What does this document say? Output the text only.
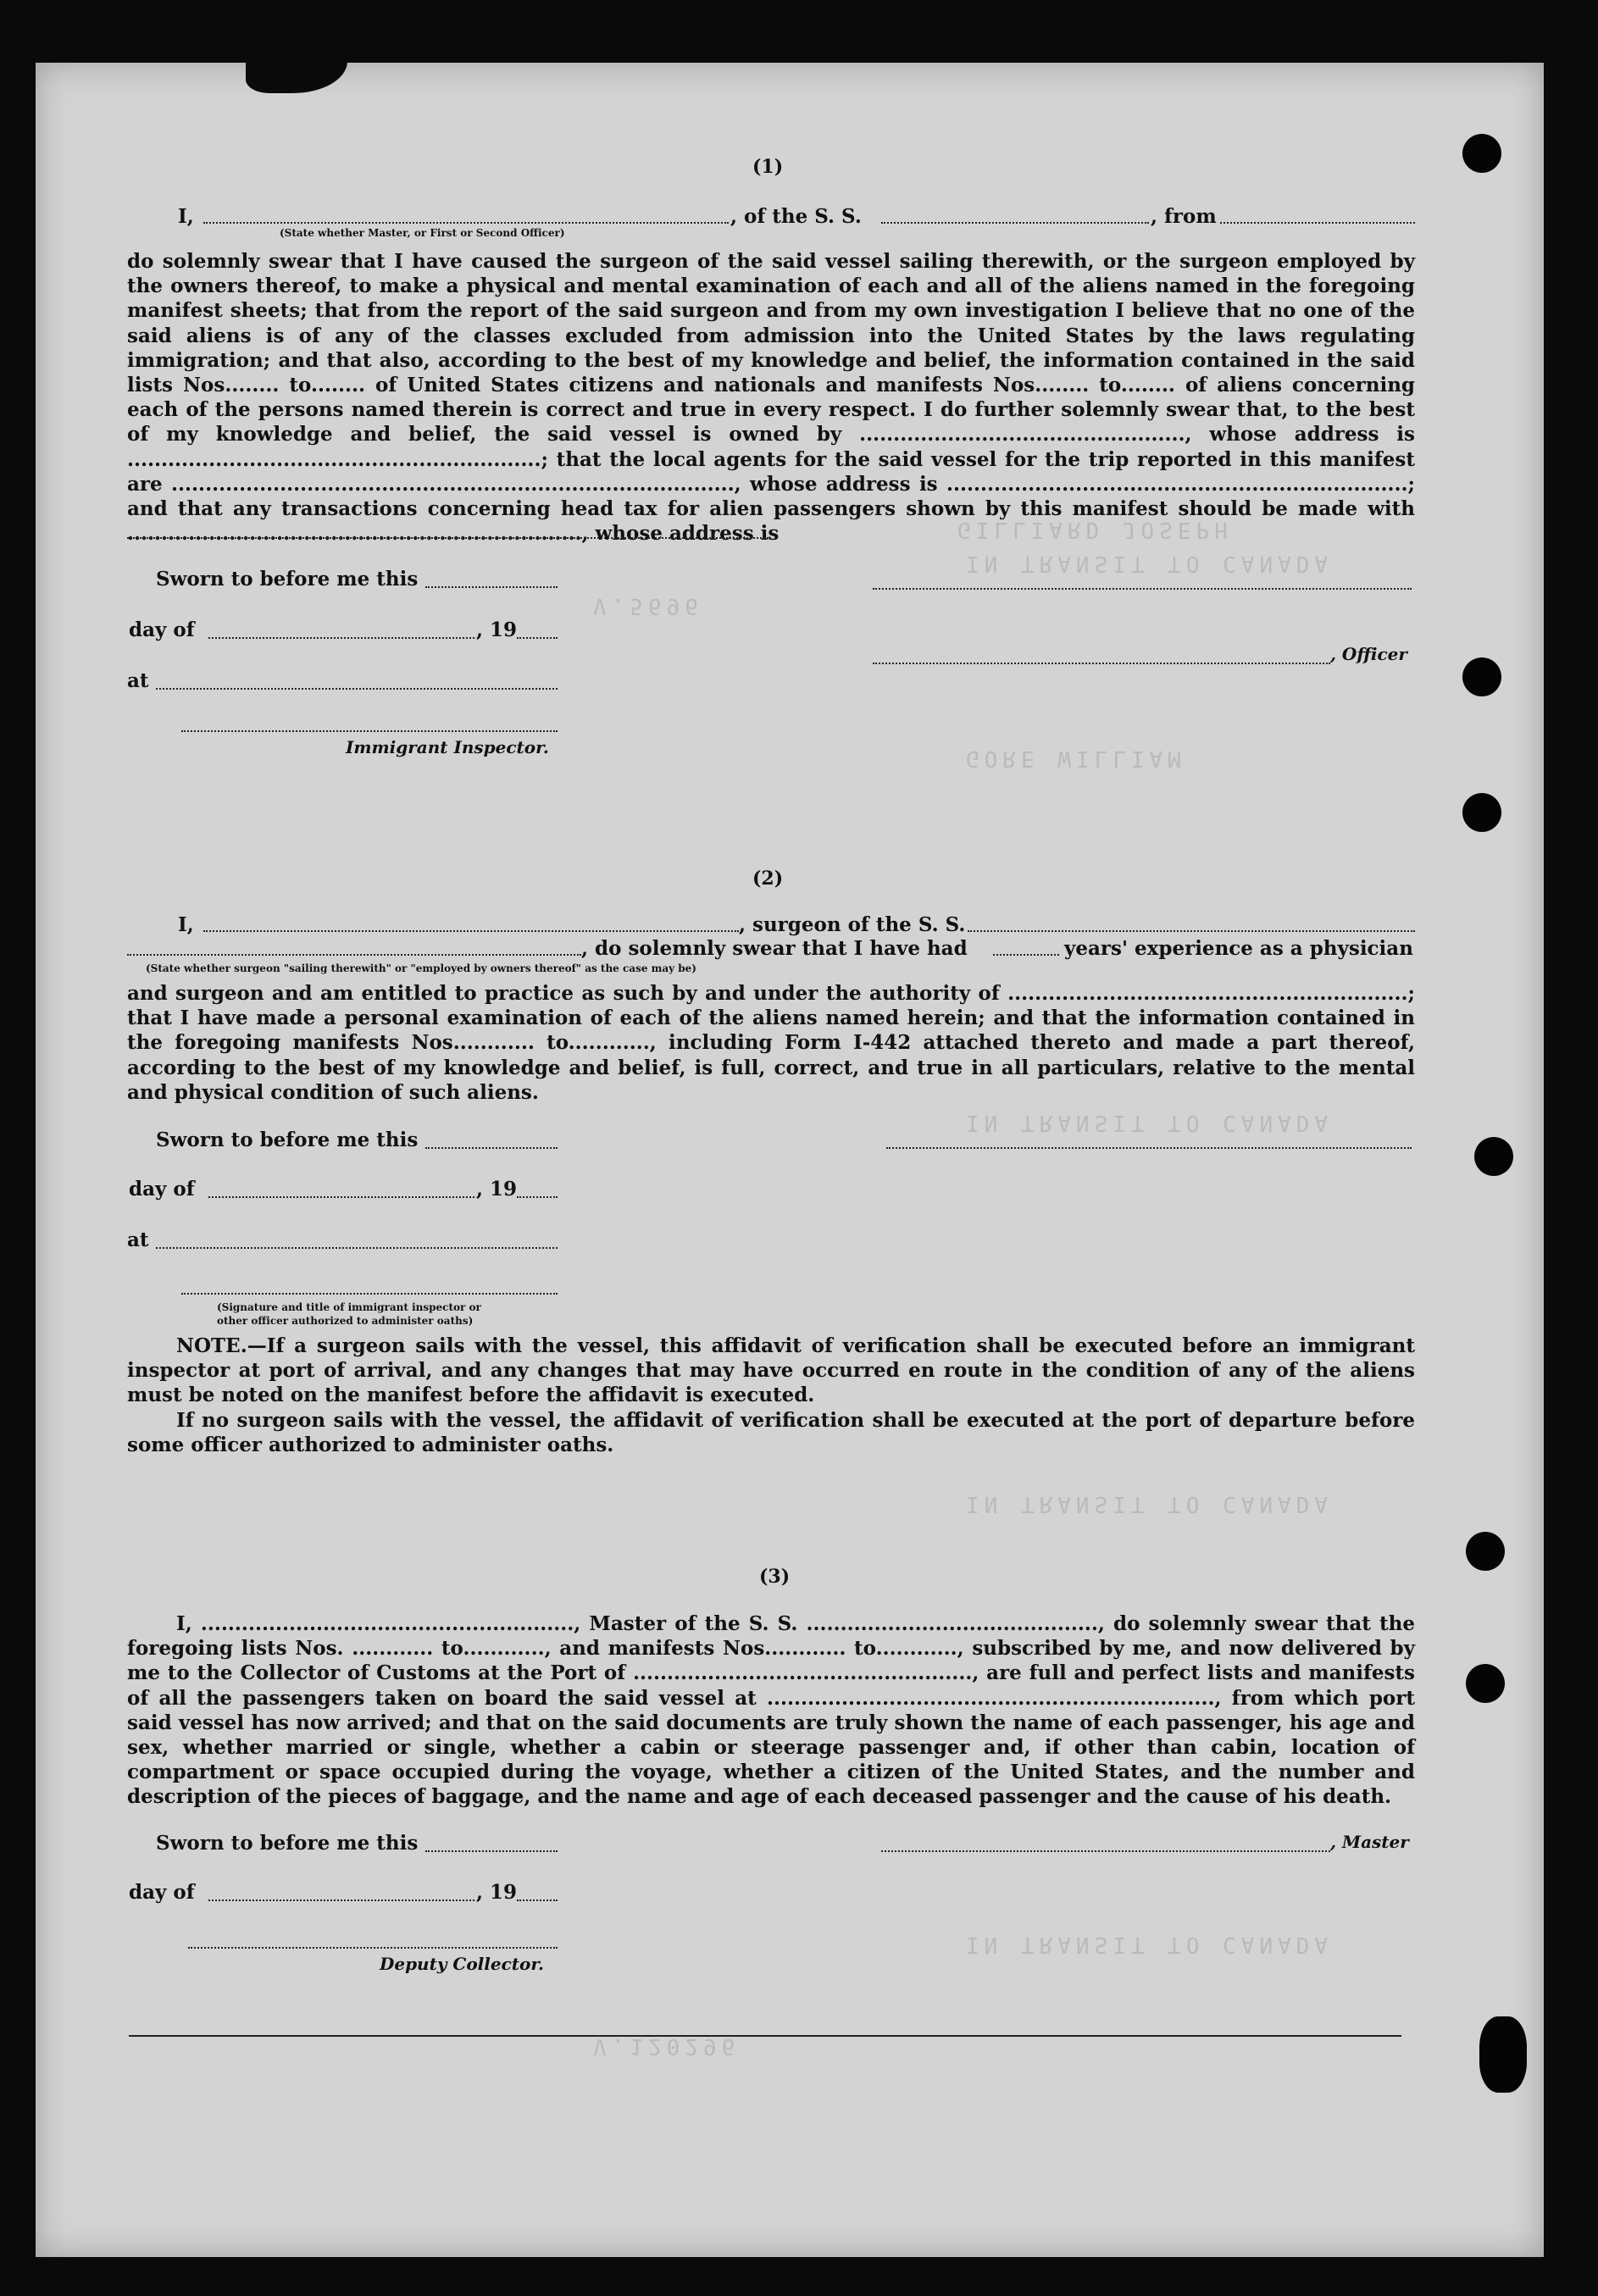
GILLIARD JOSEPH
IN TRANSIT TO CANADA
GORE WILLIAM
IN TRANSIT TO CANADA
IN TRANSIT TO CANADA
IN TRANSIT TO CANADA
V.5696
V.120296
(1)
I,	, of the S. S.	, from
(State whether Master, or First or Second Officer)
do solemnly swear that I have caused the surgeon of the said vessel sailing therewith, or the surgeon employed by the owners thereof, to make a physical and mental examination of each and all of the aliens named in the foregoing manifest sheets; that from the report of the said surgeon and from my own investigation I believe that no one of the said aliens is of any of the classes excluded from admission into the United States by the laws regulating immigration; and that also, according to the best of my knowledge and belief, the information contained in the said lists Nos........ to........ of United States citizens and nationals and manifests Nos........ to........ of aliens concerning each of the persons named therein is correct and true in every respect. I do further solemnly swear that, to the best of my knowledge and belief, the said vessel is owned by ................................................, whose address is .............................................................; that the local agents for the said vessel for the trip reported in this manifest are ..................................................................................., whose address is ....................................................................; and that any transactions concerning head tax for alien passengers shown by this manifest should be made with ..................................................................., whose address is
Sworn to before me this
day of	, 19
at
Immigrant Inspector.
, Officer
(2)
I,	, surgeon of the S. S.
, do solemnly swear that I have had	years' experience as a physician
(State whether surgeon "sailing therewith" or "employed by owners thereof" as the case may be)
and surgeon and am entitled to practice as such by and under the authority of ...........................................................; that I have made a personal examination of each of the aliens named herein; and that the information contained in the foregoing manifests Nos............ to............, including Form I-442 attached thereto and made a part thereof, according to the best of my knowledge and belief, is full, correct, and true in all particulars, relative to the mental and physical condition of such aliens.
Sworn to before me this
day of	, 19
at
(Signature and title of immigrant inspector or
other officer authorized to administer oaths)
NOTE.—If a surgeon sails with the vessel, this affidavit of verification shall be executed before an immigrant inspector at port of arrival, and any changes that may have occurred en route in the condition of any of the aliens must be noted on the manifest before the affidavit is executed.
If no surgeon sails with the vessel, the affidavit of verification shall be executed at the port of departure before some officer authorized to administer oaths.
(3)
I, ......................................................., Master of the S. S. ..........................................., do solemnly swear that the foregoing lists Nos. ............ to............, and manifests Nos............ to............, subscribed by me, and now delivered by me to the Collector of Customs at the Port of .................................................., are full and perfect lists and manifests of all the passengers taken on board the said vessel at .................................................................., from which port said vessel has now arrived; and that on the said documents are truly shown the name of each passenger, his age and sex, whether married or single, whether a cabin or steerage passenger and, if other than cabin, location of compartment or space occupied during the voyage, whether a citizen of the United States, and the number and description of the pieces of baggage, and the name and age of each deceased passenger and the cause of his death.
Sworn to before me this
day of	, 19
Deputy Collector.
, Master
